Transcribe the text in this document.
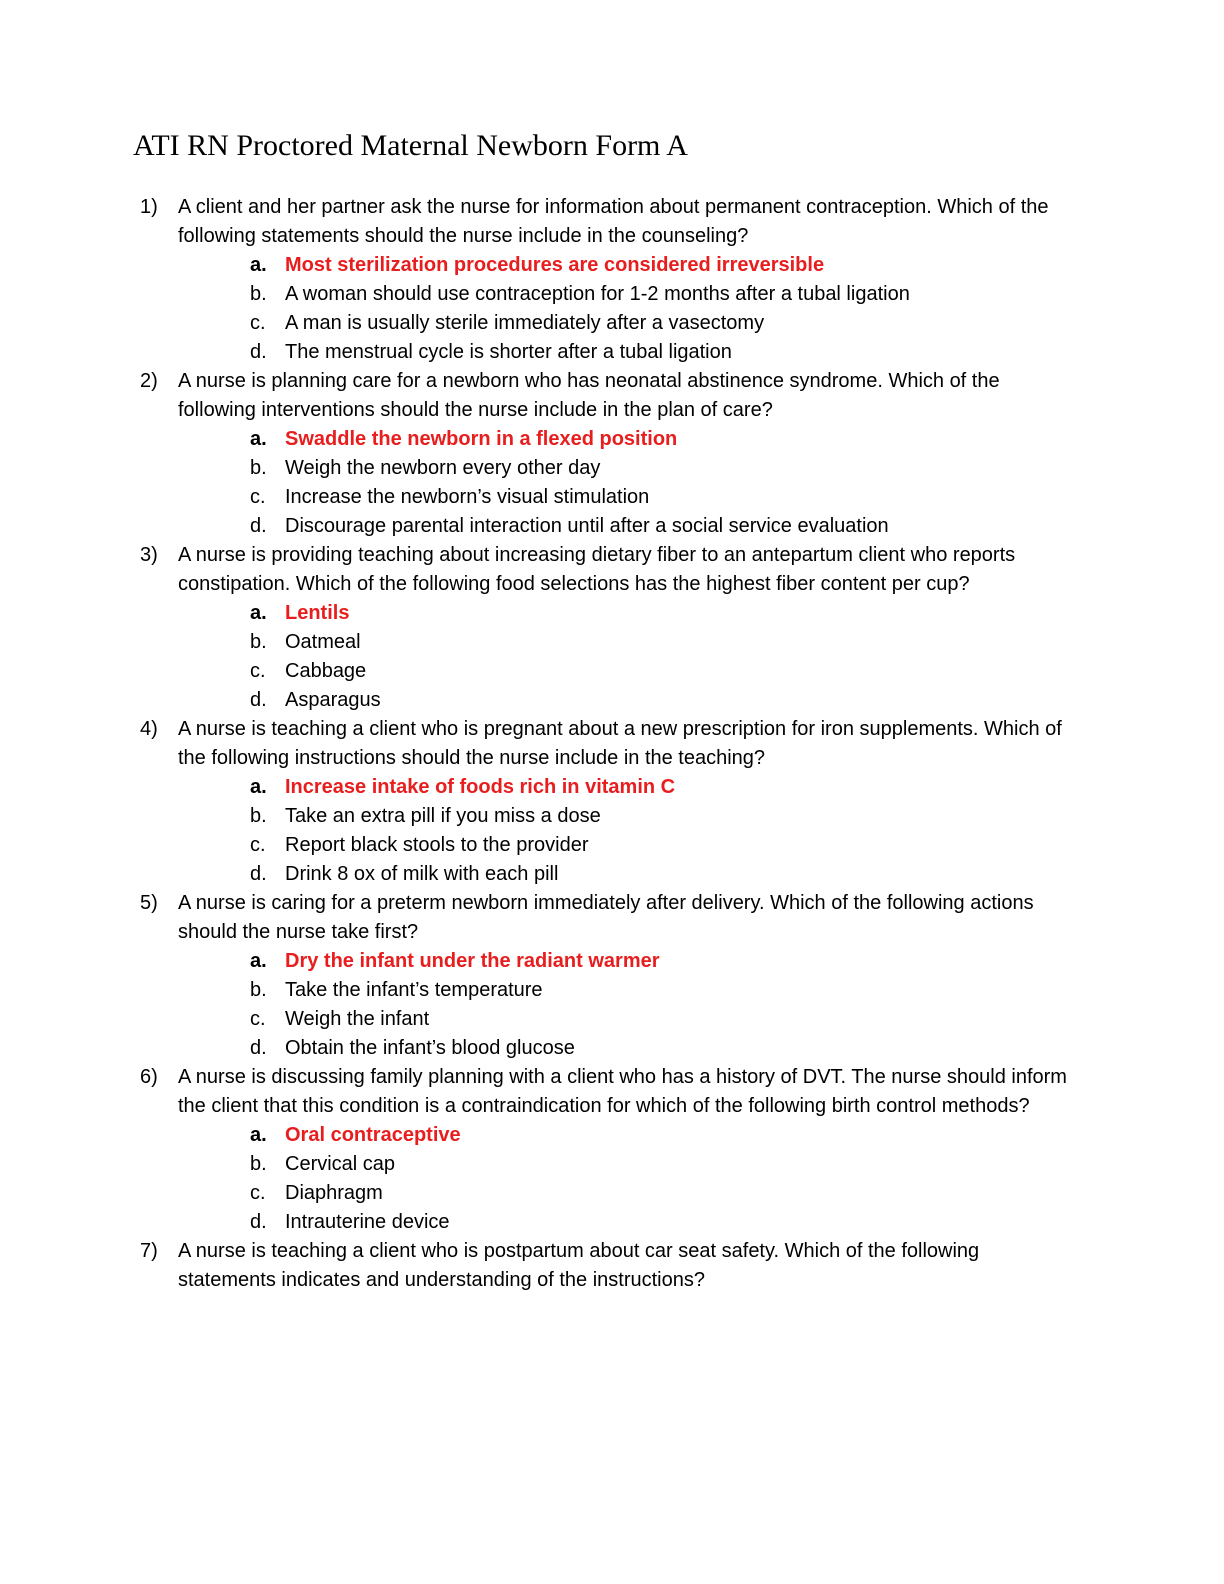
ATI RN Proctored Maternal Newborn Form A
1) A client and her partner ask the nurse for information about permanent contraception. Which of the following statements should the nurse include in the counseling?
a. Most sterilization procedures are considered irreversible
b. A woman should use contraception for 1-2 months after a tubal ligation
c. A man is usually sterile immediately after a vasectomy
d. The menstrual cycle is shorter after a tubal ligation
2) A nurse is planning care for a newborn who has neonatal abstinence syndrome. Which of the following interventions should the nurse include in the plan of care?
a. Swaddle the newborn in a flexed position
b. Weigh the newborn every other day
c. Increase the newborn’s visual stimulation
d. Discourage parental interaction until after a social service evaluation
3) A nurse is providing teaching about increasing dietary fiber to an antepartum client who reports constipation. Which of the following food selections has the highest fiber content per cup?
a. Lentils
b. Oatmeal
c. Cabbage
d. Asparagus
4) A nurse is teaching a client who is pregnant about a new prescription for iron supplements. Which of the following instructions should the nurse include in the teaching?
a. Increase intake of foods rich in vitamin C
b. Take an extra pill if you miss a dose
c. Report black stools to the provider
d. Drink 8 ox of milk with each pill
5) A nurse is caring for a preterm newborn immediately after delivery. Which of the following actions should the nurse take first?
a. Dry the infant under the radiant warmer
b. Take the infant’s temperature
c. Weigh the infant
d. Obtain the infant’s blood glucose
6) A nurse is discussing family planning with a client who has a history of DVT. The nurse should inform the client that this condition is a contraindication for which of the following birth control methods?
a. Oral contraceptive
b. Cervical cap
c. Diaphragm
d. Intrauterine device
7) A nurse is teaching a client who is postpartum about car seat safety. Which of the following statements indicates and understanding of the instructions?
